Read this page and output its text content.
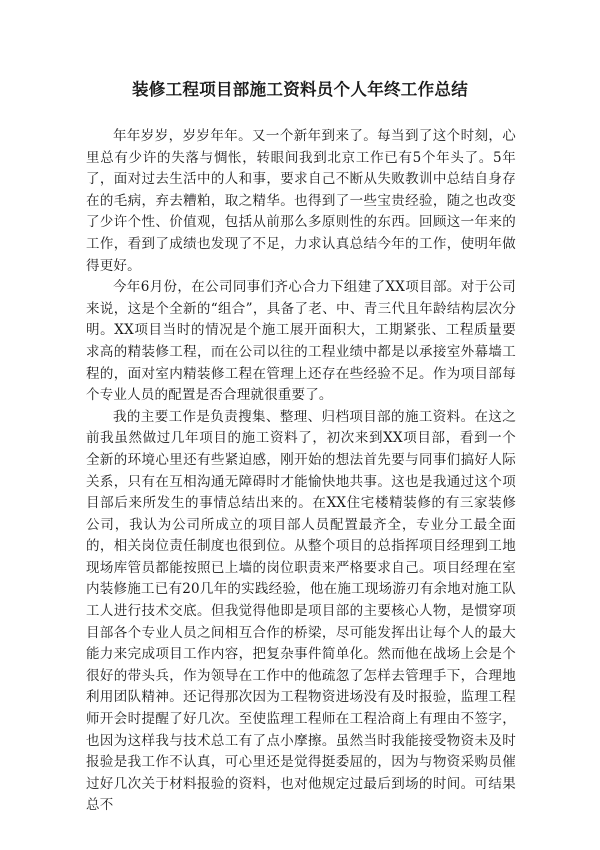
装修工程项目部施工资料员个人年终工作总结

年年岁岁，岁岁年年。又一个新年到来了。每当到了这个时刻，心里总有少许的失落与惆怅，转眼间我到北京工作已有5个年头了。5年了，面对过去生活中的人和事，要求自己不断从失败教训中总结自身存在的毛病，弃去糟粕，取之精华。也得到了一些宝贵经验，随之也改变了少许个性、价值观，包括从前那么多原则性的东西。回顾这一年来的工作，看到了成绩也发现了不足，力求认真总结今年的工作，使明年做得更好。

今年6月份，在公司同事们齐心合力下组建了XX项目部。对于公司来说，这是个全新的“组合”，具备了老、中、青三代且年龄结构层次分明。XX项目当时的情况是个施工展开面积大，工期紧张、工程质量要求高的精装修工程，而在公司以往的工程业绩中都是以承接室外幕墙工程的，面对室内精装修工程在管理上还存在些经验不足。作为项目部每个专业人员的配置是否合理就很重要了。

我的主要工作是负责搜集、整理、归档项目部的施工资料。在这之前我虽然做过几年项目的施工资料了，初次来到XX项目部，看到一个全新的环境心里还有些紧迫感，刚开始的想法首先要与同事们搞好人际关系，只有在互相沟通无障碍时才能愉快地共事。这也是我通过这个项目部后来所发生的事情总结出来的。在XX住宅楼精装修的有三家装修公司，我认为公司所成立的项目部人员配置最齐全，专业分工最全面的，相关岗位责任制度也很到位。从整个项目的总指挥项目经理到工地现场库管员都能按照已上墙的岗位职责来严格要求自己。项目经理在室内装修施工已有20几年的实践经验，他在施工现场游刃有余地对施工队工人进行技术交底。但我觉得他即是项目部的主要核心人物，是惯穿项目部各个专业人员之间相互合作的桥梁，尽可能发挥出让每个人的最大能力来完成项目工作内容，把复杂事件简单化。然而他在战场上会是个很好的带头兵，作为领导在工作中的他疏忽了怎样去管理手下，合理地利用团队精神。还记得那次因为工程物资进场没有及时报验，监理工程师开会时提醒了好几次。至使监理工程师在工程洽商上有理由不签字，也因为这样我与技术总工有了点小摩擦。虽然当时我能接受物资未及时报验是我工作不认真，可心里还是觉得挺委屈的，因为与物资采购员催过好几次关于材料报验的资料，也对他规定过最后到场的时间。可结果总不
